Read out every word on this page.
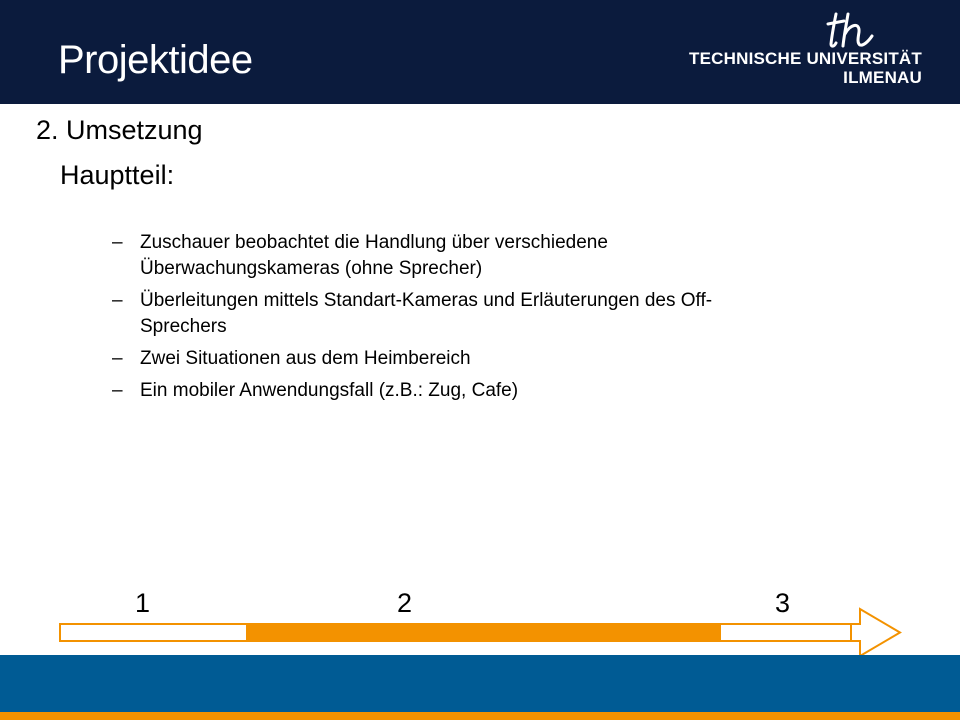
Projektidee	TECHNISCHE UNIVERSITÄT
ILMENAU
2. Umsetzung
Hauptteil:
– Zuschauer beobachtet die Handlung über verschiedene
Überwachungskameras (ohne Sprecher)
– Überleitungen mittels Standart-Kameras und Erläuterungen des Off-
Sprechers
– Zwei Situationen aus dem Heimbereich
– Ein mobiler Anwendungsfall (z.B.: Zug, Cafe)
1	2	3
